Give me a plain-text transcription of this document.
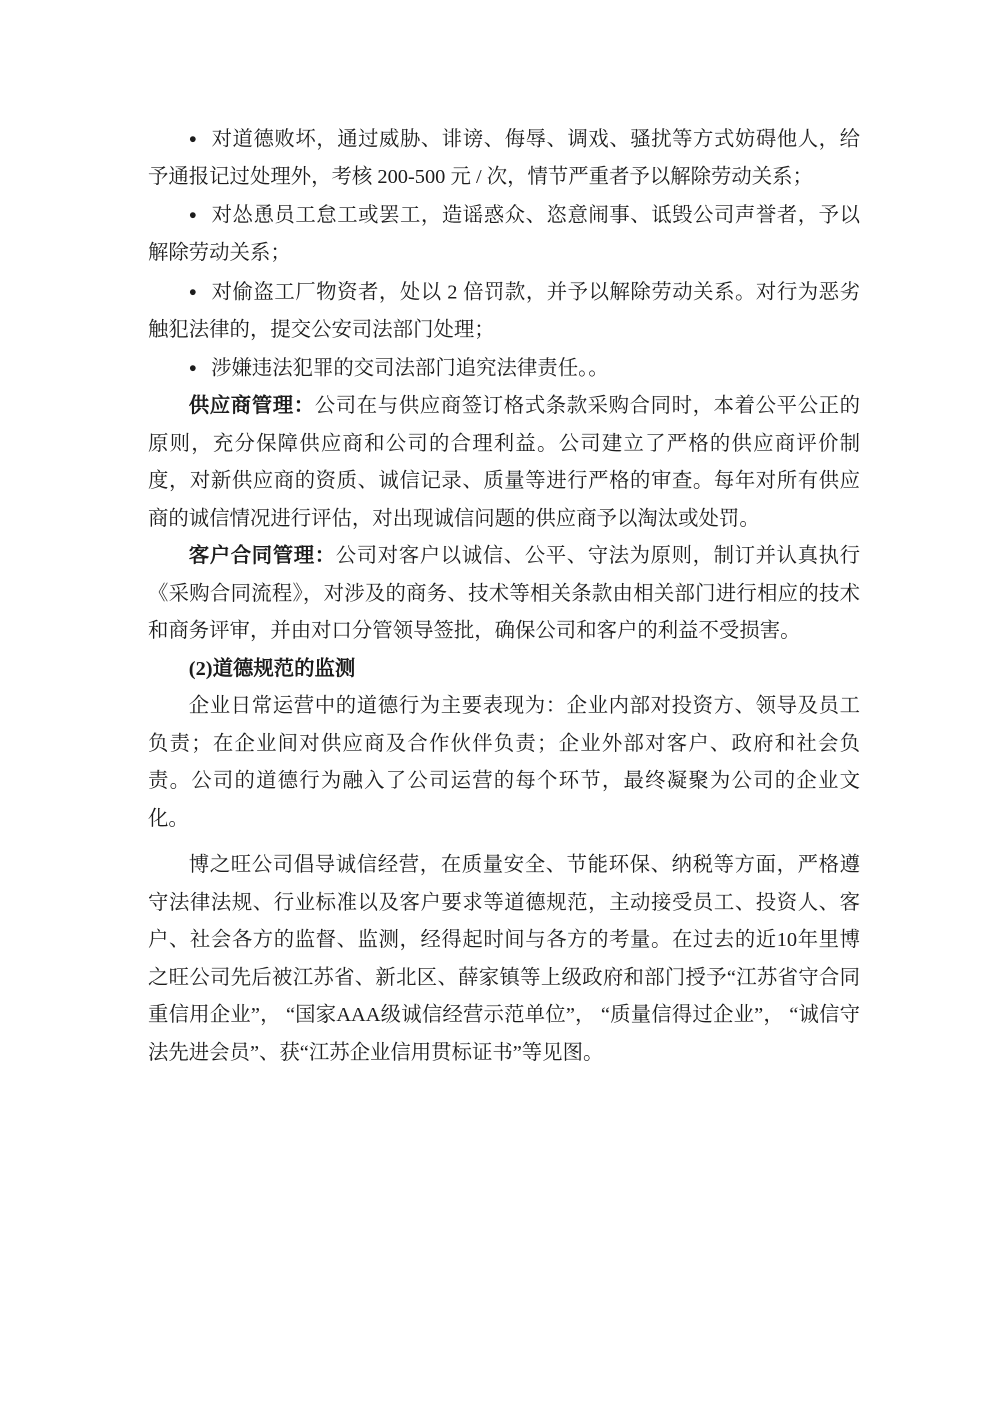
● 对道德败坏，通过威胁、诽谤、侮辱、调戏、骚扰等方式妨碍他人，给予通报记过处理外，考核 200-500 元 / 次，情节严重者予以解除劳动关系；

● 对怂恿员工怠工或罢工，造谣惑众、恣意闹事、诋毁公司声誉者，予以解除劳动关系；

● 对偷盗工厂物资者，处以 2 倍罚款，并予以解除劳动关系。对行为恶劣触犯法律的，提交公安司法部门处理；

● 涉嫌违法犯罪的交司法部门追究法律责任。。

供应商管理：公司在与供应商签订格式条款采购合同时，本着公平公正的原则，充分保障供应商和公司的合理利益。公司建立了严格的供应商评价制度，对新供应商的资质、诚信记录、质量等进行严格的审查。每年对所有供应商的诚信情况进行评估，对出现诚信问题的供应商予以淘汰或处罚。

客户合同管理：公司对客户以诚信、公平、守法为原则，制订并认真执行《采购合同流程》，对涉及的商务、技术等相关条款由相关部门进行相应的技术和商务评审，并由对口分管领导签批，确保公司和客户的利益不受损害。

(2)道德规范的监测

企业日常运营中的道德行为主要表现为：企业内部对投资方、领导及员工负责；在企业间对供应商及合作伙伴负责；企业外部对客户、政府和社会负责。公司的道德行为融入了公司运营的每个环节，最终凝聚为公司的企业文化。

博之旺公司倡导诚信经营，在质量安全、节能环保、纳税等方面，严格遵守法律法规、行业标准以及客户要求等道德规范，主动接受员工、投资人、客户、社会各方的监督、监测，经得起时间与各方的考量。在过去的近10年里博之旺公司先后被江苏省、新北区、薛家镇等上级政府和部门授予“江苏省守合同重信用企业”， “国家AAA级诚信经营示范单位”， “质量信得过企业”， “诚信守法先进会员”、获“江苏企业信用贯标证书”等见图。
